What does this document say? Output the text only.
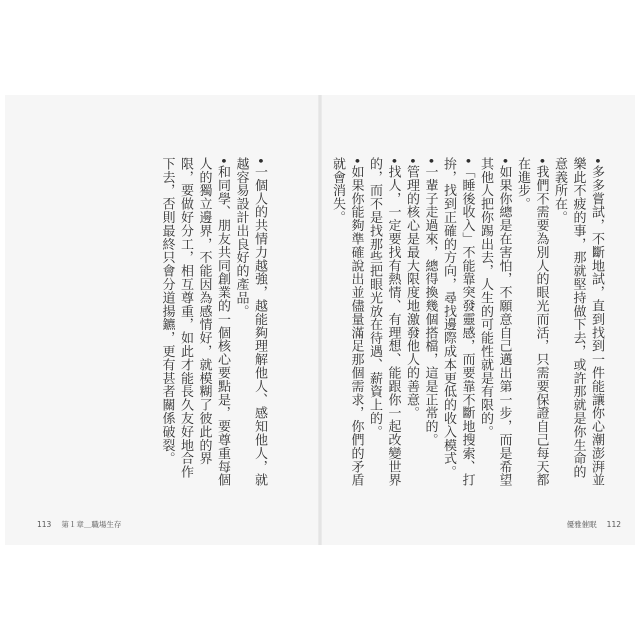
•一個人的共情力越強，越能夠理解他人、感知他人，就越容易設計出良好的產品。

•和同學、朋友共同創業的一個核心要點是，要尊重每個人的獨立邊界，不能因為感情好，就模糊了彼此的界限，要做好分工，相互尊重，如此才能長久友好地合作下去，否則最終只會分道揚鑣，更有甚者關係破裂。

113 第１章＿職場生存

•多多嘗試，不斷地試，直到找到一件能讓你心潮澎湃並樂此不疲的事，那就堅持做下去，或許那就是你生命的意義所在。

•我們不需要為別人的眼光而活，只需要保證自己每天都在進步。

•如果你總是在害怕，不願意自己邁出第一步，而是希望其他人把你踢出去，人生的可能性就是有限的。

•「睡後收入」不能靠突發靈感，而要靠不斷地搜索、打拚，找到正確的方向，尋找邊際成本更低的收入模式。

•一輩子走過來，總得換幾個搭檔，這是正常的。

•管理的核心是最大限度地激發他人的善意。

•找人，一定要找有熱情、有理想、能跟你一起改變世界的，而不是找那些把眼光放在待遇、薪資上的。

•如果你能夠準確說出並儘量滿足那個需求，你們的矛盾就會消失。

優雅催眠 112
